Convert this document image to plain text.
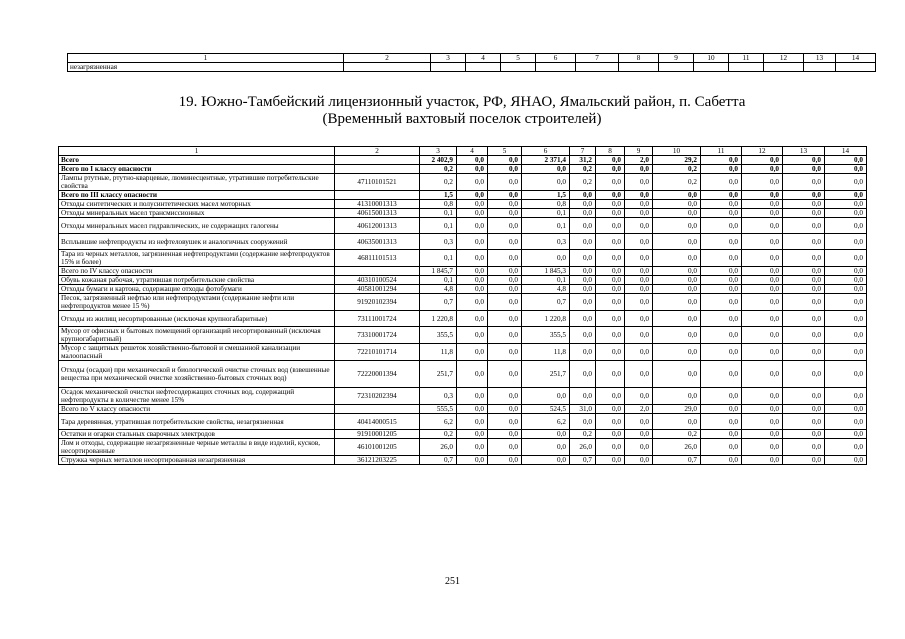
1	2	3	4	5	6	7	8	9	10	11	12	13	14
незагрязненная													
19. Южно-Тамбейский лицензионный участок, РФ, ЯНАО, Ямальский район, п. Сабетта
(Временный вахтовый поселок строителей)
1	2	3	4	5	6	7	8	9	10	11	12	13	14
Всего		2 402,9	0,0	0,0	2 371,4	31,2	0,0	2,0	29,2	0,0	0,0	0,0	0,0
Всего по I классу опасности		0,2	0,0	0,0	0,0	0,2	0,0	0,0	0,2	0,0	0,0	0,0	0,0
Лампы ртутные, ртутно-кварцевые, люминесцентные, утратившие потребительские свойства	47110101521	0,2	0,0	0,0	0,0	0,2	0,0	0,0	0,2	0,0	0,0	0,0	0,0
Всего по III классу опасности		1,5	0,0	0,0	1,5	0,0	0,0	0,0	0,0	0,0	0,0	0,0	0,0
Отходы синтетических и полусинтетических масел моторных	41310001313	0,8	0,0	0,0	0,8	0,0	0,0	0,0	0,0	0,0	0,0	0,0	0,0
Отходы минеральных масел трансмиссионных	40615001313	0,1	0,0	0,0	0,1	0,0	0,0	0,0	0,0	0,0	0,0	0,0	0,0
Отходы минеральных масел гидравлических, не содержащих галогены	40612001313	0,1	0,0	0,0	0,1	0,0	0,0	0,0	0,0	0,0	0,0	0,0	0,0
Всплывшие нефтепродукты из нефтеловушек и аналогичных сооружений	40635001313	0,3	0,0	0,0	0,3	0,0	0,0	0,0	0,0	0,0	0,0	0,0	0,0
Тара из черных металлов, загрязненная нефтепродуктами (содержание нефтепродуктов 15% и более)	46811101513	0,1	0,0	0,0	0,0	0,0	0,0	0,0	0,0	0,0	0,0	0,0	0,0
Всего по IV классу опасности		1 845,7	0,0	0,0	1 845,3	0,0	0,0	0,0	0,0	0,0	0,0	0,0	0,0
Обувь кожаная рабочая, утратившая потребительские свойства	40310100524	0,1	0,0	0,0	0,1	0,0	0,0	0,0	0,0	0,0	0,0	0,0	0,0
Отходы бумаги и картона, содержащие отходы фотобумаги	40581001294	4,8	0,0	0,0	4,8	0,0	0,0	0,0	0,0	0,0	0,0	0,0	0,0
Песок, загрязненный нефтью или нефтепродуктами (содержание нефти или нефтепродуктов менее 15 %)	91920102394	0,7	0,0	0,0	0,7	0,0	0,0	0,0	0,0	0,0	0,0	0,0	0,0
Отходы из жилищ несортированные (исключая крупногабаритные)	73111001724	1 220,8	0,0	0,0	1 220,8	0,0	0,0	0,0	0,0	0,0	0,0	0,0	0,0
Мусор от офисных и бытовых помещений организаций несортированный (исключая крупногабаритный)	73310001724	355,5	0,0	0,0	355,5	0,0	0,0	0,0	0,0	0,0	0,0	0,0	0,0
Мусор с защитных решеток хозяйственно-бытовой и смешанной канализации малоопасный	72210101714	11,8	0,0	0,0	11,8	0,0	0,0	0,0	0,0	0,0	0,0	0,0	0,0
Отходы (осадки) при механической и биологической очистке сточных вод (взвешенные вещества при механической очистке хозяйственно-бытовых сточных вод)	72220001394	251,7	0,0	0,0	251,7	0,0	0,0	0,0	0,0	0,0	0,0	0,0	0,0
Осадок механической очистки нефтесодержащих сточных вод, содержащий нефтепродукты в количестве менее 15%	72310202394	0,3	0,0	0,0	0,0	0,0	0,0	0,0	0,0	0,0	0,0	0,0	0,0
Всего по V классу опасности		555,5	0,0	0,0	524,5	31,0	0,0	2,0	29,0	0,0	0,0	0,0	0,0
Тара деревянная, утратившая потребительские свойства, незагрязненная	40414000515	6,2	0,0	0,0	6,2	0,0	0,0	0,0	0,0	0,0	0,0	0,0	0,0
Остатки и огарки стальных сварочных электродов	91910001205	0,2	0,0	0,0	0,0	0,2	0,0	0,0	0,2	0,0	0,0	0,0	0,0
Лом и отходы, содержащие незагрязненные черные металлы в виде изделий, кусков, несортированные	46101001205	26,0	0,0	0,0	0,0	26,0	0,0	0,0	26,0	0,0	0,0	0,0	0,0
Стружка черных металлов несортированная незагрязненная	36121203225	0,7	0,0	0,0	0,0	0,7	0,0	0,0	0,7	0,0	0,0	0,0	0,0
251
